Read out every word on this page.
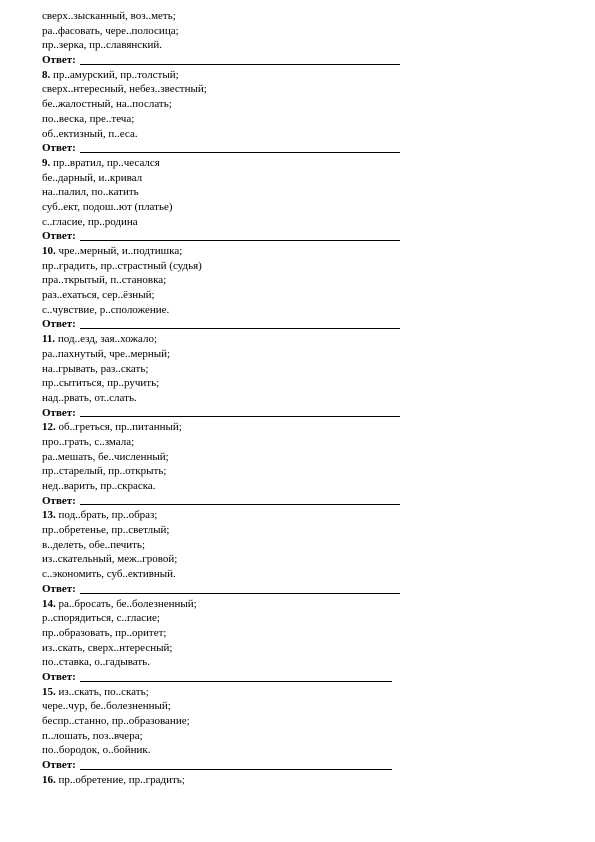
сверх..зысканный, воз..меть;
ра..фасовать, чере..полосица;
пр..зерка, пр..славянский.
Ответ:
8. пр..амурский, пр..толстый;
сверх..нтересный, небез..звестный;
бе..жалостный, на..послать;
по..веска, пре..теча;
об..ектизный, п..еса.
Ответ:
9. пр..вратил, пр..чесался
бе..дарный, и..кривал
на..палил, по..катить
суб..ект, подош..ют (платье)
с..гласие, пр..родина
Ответ:
10. чре..мерный, и..подтишка;
пр..градить, пр..страстный (судья)
пра..ткрытый, п..становка;
раз..ехаться, сер..ёзный;
с..чувствие, р..сположение.
Ответ:
11. под..езд, зая..хожало;
ра..пахнутый, чре..мерный;
на..грывать, раз..скать;
пр..сытиться, пр..ручить;
над..рвать, от..слать.
Ответ:
12. об..греться, пр..питанный;
про..грать, с..змала;
ра..мешать, бе..численный;
пр..старелый, пр..открыть;
нед..варить, пр..скраска.
Ответ:
13. под..брать, пр..образ;
пр..обретенье, пр..светлый;
в..делеть, обе..печить;
из..скательный, меж..гровой;
с..экономить, суб..ективный.
Ответ:
14. ра..бросать, бе..болезненный;
р..спорядиться, с..гласие;
пр..образовать, пр..оритет;
из..скать, сверх..нтересный;
по..ставка, о..гадывать.
Ответ:
15. из..скать, по..скать;
чере..чур, бе..болезненный;
беспр..станно, пр..образование;
п..лошать, поз..вчера;
по..бородок, о..бойник.
Ответ:
16. пр..обретение, пр..градить;
